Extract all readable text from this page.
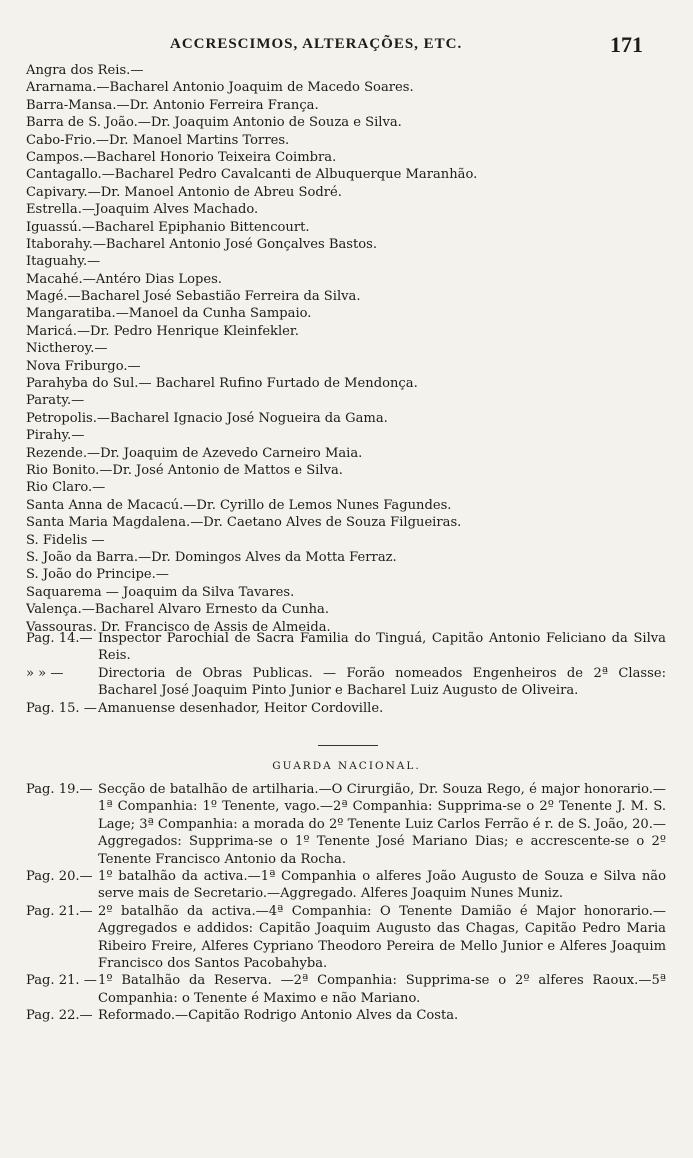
ACCRESCIMOS, ALTERAÇÕES, ETC.	171
Angra dos Reis.—
Ararnama.—Bacharel Antonio Joaquim de Macedo Soares.
Barra-Mansa.—Dr. Antonio Ferreira França.
Barra de S. João.—Dr. Joaquim Antonio de Souza e Silva.
Cabo-Frio.—Dr. Manoel Martins Torres.
Campos.—Bacharel Honorio Teixeira Coimbra.
Cantagallo.—Bacharel Pedro Cavalcanti de Albuquerque Maranhão.
Capivary.—Dr. Manoel Antonio de Abreu Sodré.
Estrella.—Joaquim Alves Machado.
Iguassú.—Bacharel Epiphanio Bittencourt.
Itaborahy.—Bacharel Antonio José Gonçalves Bastos.
Itaguahy.—
Macahé.—Antéro Dias Lopes.
Magé.—Bacharel José Sebastião Ferreira da Silva.
Mangaratiba.—Manoel da Cunha Sampaio.
Maricá.—Dr. Pedro Henrique Kleinfekler.
Nictheroy.—
Nova Friburgo.—
Parahyba do Sul.— Bacharel Rufino Furtado de Mendonça.
Paraty.—
Petropolis.—Bacharel Ignacio José Nogueira da Gama.
Pirahy.—
Rezende.—Dr. Joaquim de Azevedo Carneiro Maia.
Rio Bonito.—Dr. José Antonio de Mattos e Silva.
Rio Claro.—
Santa Anna de Macacú.—Dr. Cyrillo de Lemos Nunes Fagundes.
Santa Maria Magdalena.—Dr. Caetano Alves de Souza Filgueiras.
S. Fidelis —
S. João da Barra.—Dr. Domingos Alves da Motta Ferraz.
S. João do Principe.—
Saquarema — Joaquim da Silva Tavares.
Valença.—Bacharel Alvaro Ernesto da Cunha.
Vassouras. Dr. Francisco de Assis de Almeida.
Pag. 14.— Inspector Parochial de Sacra Familia do Tinguá, Capitão Antonio Feliciano da Silva Reis.
» » —	Directoria de Obras Publicas. — Forão nomeados Engenheiros de 2ª Classe: Bacharel José Joaquim Pinto Junior e Bacharel Luiz Augusto de Oliveira.
Pag. 15. — Amanuense desenhador, Heitor Cordoville.
GUARDA NACIONAL.
Pag. 19.— Secção de batalhão de artilharia.—O Cirurgião, Dr. Souza Rego, é major honorario.—1ª Companhia: 1º Tenente, vago.—2ª Companhia: Supprima-se o 2º Tenente J. M. S. Lage; 3ª Companhia: a morada do 2º Tenente Luiz Carlos Ferrão é r. de S. João, 20.—Aggregados: Supprima-se o 1º Tenente José Mariano Dias; e accrescente-se o 2º Tenente Francisco Antonio da Rocha.
Pag. 20.— 1º batalhão da activa.—1ª Companhia o alferes João Augusto de Souza e Silva não serve mais de Secretario.—Aggregado. Alferes Joaquim Nunes Muniz.
Pag. 21.— 2º batalhão da activa.—4ª Companhia: O Tenente Damião é Major honorario.—Aggregados e addidos: Capitão Joaquim Augusto das Chagas, Capitão Pedro Maria Ribeiro Freire, Alferes Cypriano Theodoro Pereira de Mello Junior e Alferes Joaquim Francisco dos Santos Pacobahyba.
Pag. 21. — 1º Batalhão da Reserva. —2ª Companhia: Supprima-se o 2º alferes Raoux.—5ª Companhia: o Tenente é Maximo e não Mariano.
Pag. 22.— Reformado.—Capitão Rodrigo Antonio Alves da Costa.
